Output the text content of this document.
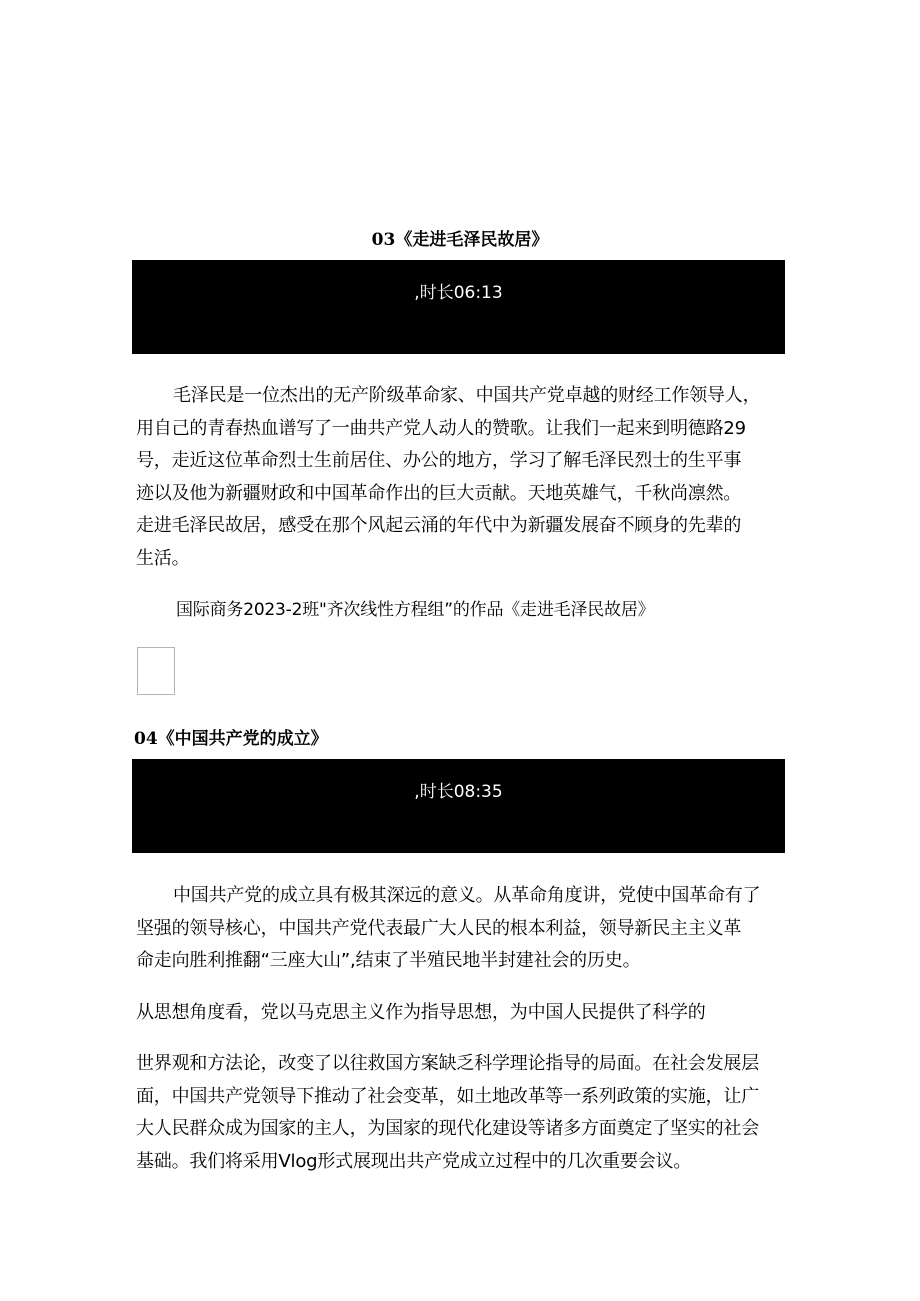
03《走进毛泽民故居》
,时长06:13

毛泽民是一位杰出的无产阶级革命家、中国共产党卓越的财经工作领导人，
用自己的青春热血谱写了一曲共产党人动人的赞歌。让我们一起来到明德路29
号，走近这位革命烈士生前居住、办公的地方，学习了解毛泽民烈士的生平事
迹以及他为新疆财政和中国革命作出的巨大贡献。天地英雄气，千秋尚凛然。
走进毛泽民故居，感受在那个风起云涌的年代中为新疆发展奋不顾身的先辈的
生活。

国际商务2023-2班"齐次线性方程组”的作品《走进毛泽民故居》
04《中国共产党的成立》
,时长08:35

中国共产党的成立具有极其深远的意义。从革命角度讲，党使中国革命有了
坚强的领导核心，中国共产党代表最广大人民的根本利益，领导新民主主义革
命走向胜利推翻“三座大山”,结束了半殖民地半封建社会的历史。

从思想角度看，党以马克思主义作为指导思想，为中国人民提供了科学的

世界观和方法论，改变了以往救国方案缺乏科学理论指导的局面。在社会发展层
面，中国共产党领导下推动了社会变革，如土地改革等一系列政策的实施，让广
大人民群众成为国家的主人，为国家的现代化建设等诸多方面奠定了坚实的社会
基础。我们将采用Vlog形式展现出共产党成立过程中的几次重要会议。
